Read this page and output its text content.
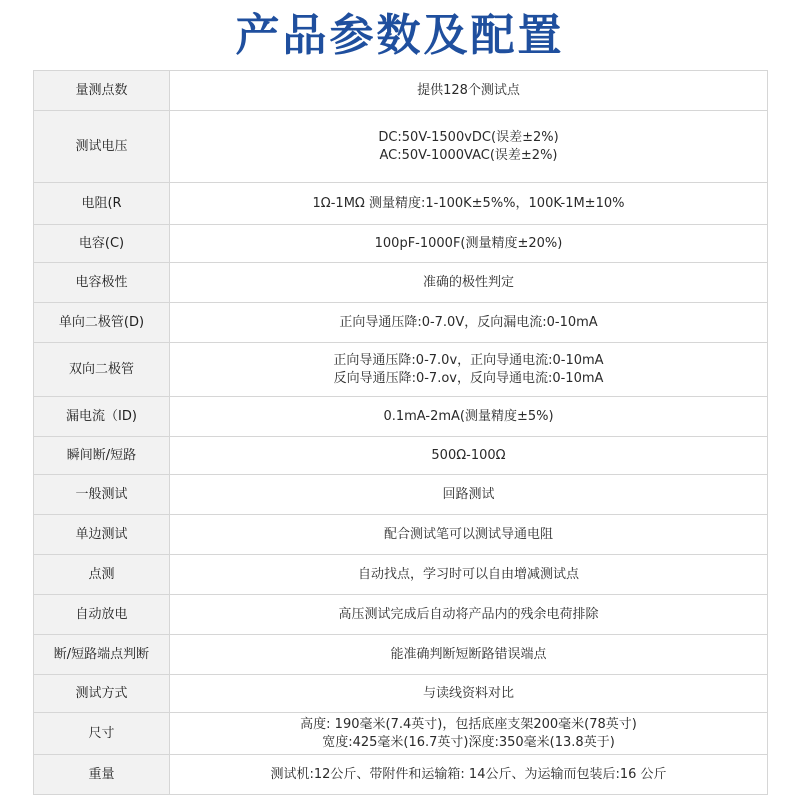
产品参数及配置
量测点数	提供128个测试点

测试电压	DC:50V-1500vDC(误差±2%)
AC:50V-1000VAC(误差±2%)

电阻(R	1Ω-1MΩ 测量精度:1-100K±5%%，100K-1M±10%

电容(C)	100pF-1000F(测量精度±20%)

电容极性	准确的极性判定

单向二极管(D)	正向导通压降:0-7.0V，反向漏电流:0-10mA

双向二极管	正向导通压降:0-7.0v，正向导通电流:0-10mA
反向导通压降:0-7.ov，反向导通电流:0-10mA

漏电流（ID)	0.1mA-2mA(测量精度±5%)

瞬间断/短路	500Ω-100Ω

一般测试	回路测试

单边测试	配合测试笔可以测试导通电阻

点测	自动找点，学习时可以自由增减测试点

自动放电	高压测试完成后自动将产品内的残余电荷排除

断/短路端点判断	能准确判断短断路错误端点

测试方式	与读线资料对比

尺寸	高度: 190毫米(7.4英寸)，包括底座支架200毫米(78英寸)
宽度:425毫米(16.7英寸)深度:350毫米(13.8英于)

重量	测试机:12公斤、带附件和运输箱: 14公斤、为运输而包装后:16 公斤
